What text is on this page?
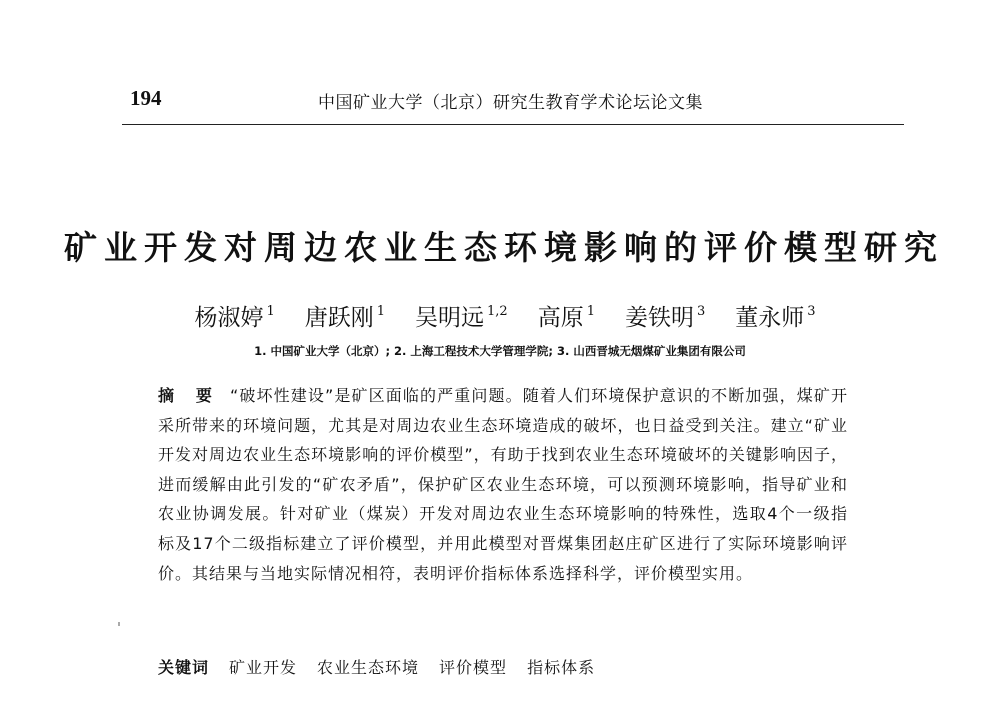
194	中国矿业大学（北京）研究生教育学术论坛论文集
矿业开发对周边农业生态环境影响的评价模型研究
杨淑婷 $^1$ 唐跃刚 $^1$ 吴明远 $^{1,2}$ 高原 $^1$ 姜铁明 $^3$ 董永师 $^3$
1. 中国矿业大学（北京）; 2. 上海工程技术大学管理学院; 3. 山西晋城无烟煤矿业集团有限公司

摘 要 “破坏性建设”是矿区面临的严重问题。随着人们环境保护意识的不断加强，煤矿开采所带来的环境问题，尤其是对周边农业生态环境造成的破坏，也日益受到关注。建立“矿业开发对周边农业生态环境影响的评价模型”，有助于找到农业生态环境破坏的关键影响因子，进而缓解由此引发的“矿农矛盾”，保护矿区农业生态环境，可以预测环境影响，指导矿业和农业协调发展。针对矿业（煤炭）开发对周边农业生态环境影响的特殊性，选取4个一级指标及17个二级指标建立了评价模型，并用此模型对晋煤集团赵庄矿区进行了实际环境影响评价。其结果与当地实际情况相符，表明评价指标体系选择科学，评价模型实用。

关键词 矿业开发 农业生态环境 评价模型 指标体系
